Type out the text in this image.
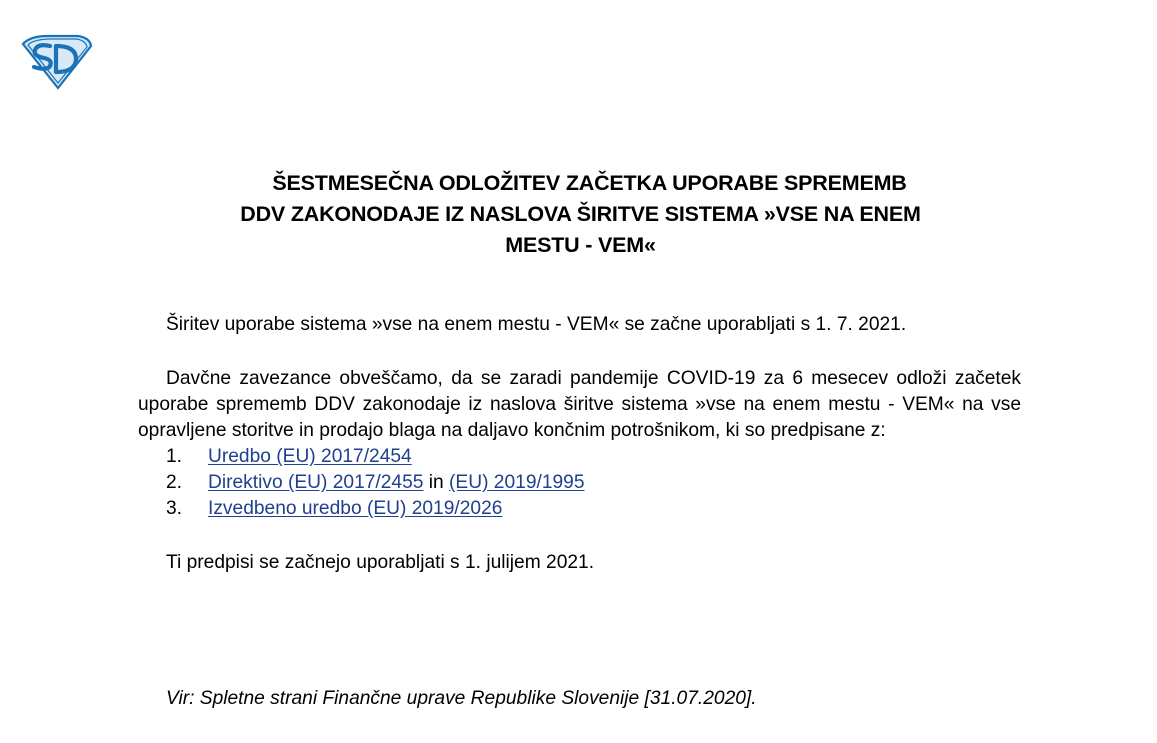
ŠESTMESEČNA ODLOŽITEV ZAČETKA UPORABE SPREMEMB
DDV ZAKONODAJE IZ NASLOVA ŠIRITVE SISTEMA »VSE NA ENEM
MESTU - VEM«

Širitev uporabe sistema »vse na enem mestu - VEM« se začne uporabljati s 1. 7. 2021.

Davčne zavezance obveščamo, da se zaradi pandemije COVID-19 za 6 mesecev odloži začetek uporabe sprememb DDV zakonodaje iz naslova širitve sistema »vse na enem mestu - VEM« na vse opravljene storitve in prodajo blaga na daljavo končnim potrošnikom, ki so predpisane z:

1. Uredbo (EU) 2017/2454
2. Direktivo (EU) 2017/2455 in (EU) 2019/1995
3. Izvedbeno uredbo (EU) 2019/2026

Ti predpisi se začnejo uporabljati s 1. julijem 2021.

Vir: Spletne strani Finančne uprave Republike Slovenije [31.07.2020].
